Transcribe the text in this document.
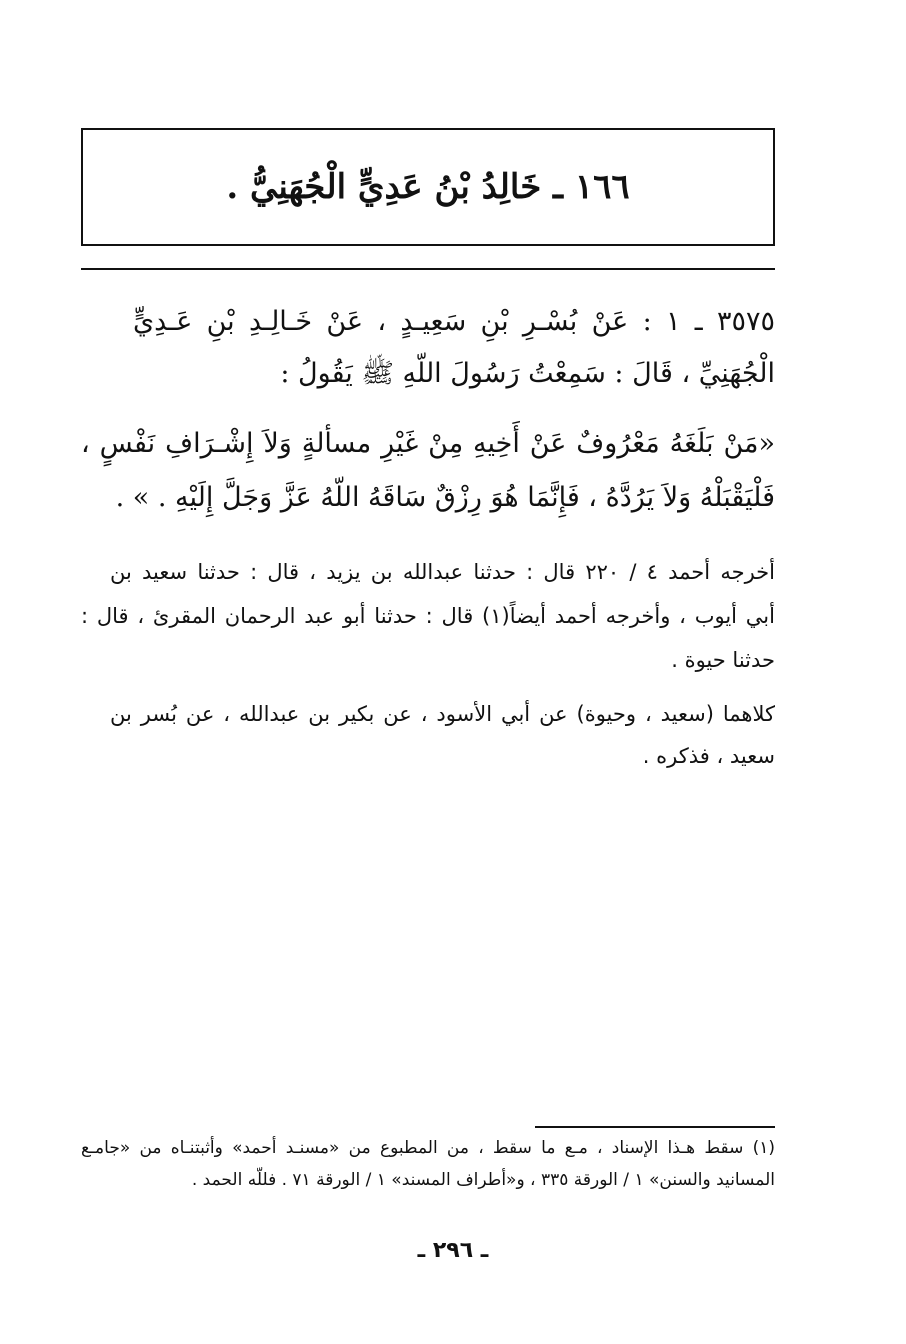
١٦٦ ـ خَالِدُ بْنُ عَدِيٍّ الْجُهَنِيُّ .
٣٥٧٥ ـ ١ : عَنْ بُسْـرِ بْنِ سَعِيـدٍ ، عَنْ خَـالِـدِ بْنِ عَـدِيٍّ
الْجُهَنِيِّ ، قَالَ : سَمِعْتُ رَسُولَ اللّهِ ﷺ يَقُولُ :
«مَنْ بَلَغَهُ مَعْرُوفٌ عَنْ أَخِيهِ مِنْ غَيْرِ مسألةٍ وَلاَ إِشْـرَافِ نَفْسٍ ،
فَلْيَقْبَلْهُ وَلاَ يَرُدَّهُ ، فَإِنَّمَا هُوَ رِزْقٌ سَاقَهُ اللّهُ عَزَّ وَجَلَّ إِلَيْهِ . » .
أخرجه أحمد ٤ / ٢٢٠ قال : حدثنا عبدالله بن يزيد ، قال : حدثنا سعيد بن
أبي أيوب ، وأخرجه أحمد أيضاً(١) قال : حدثنا أبو عبد الرحمان المقرئ ، قال :
حدثنا حيوة .
كلاهما (سعيد ، وحيوة) عن أبي الأسود ، عن بكير بن عبدالله ، عن بُسر بن
سعيد ، فذكره .
(١) سقط هـذا الإسناد ، مـع ما سقط ، من المطبوع من «مسنـد أحمد» وأثبتنـاه من «جامـع
المسانيد والسنن» ١ / الورقة ٣٣٥ ، و«أطراف المسند» ١ / الورقة ٧١ . فللّه الحمد .
ـ ٢٩٦ ـ
